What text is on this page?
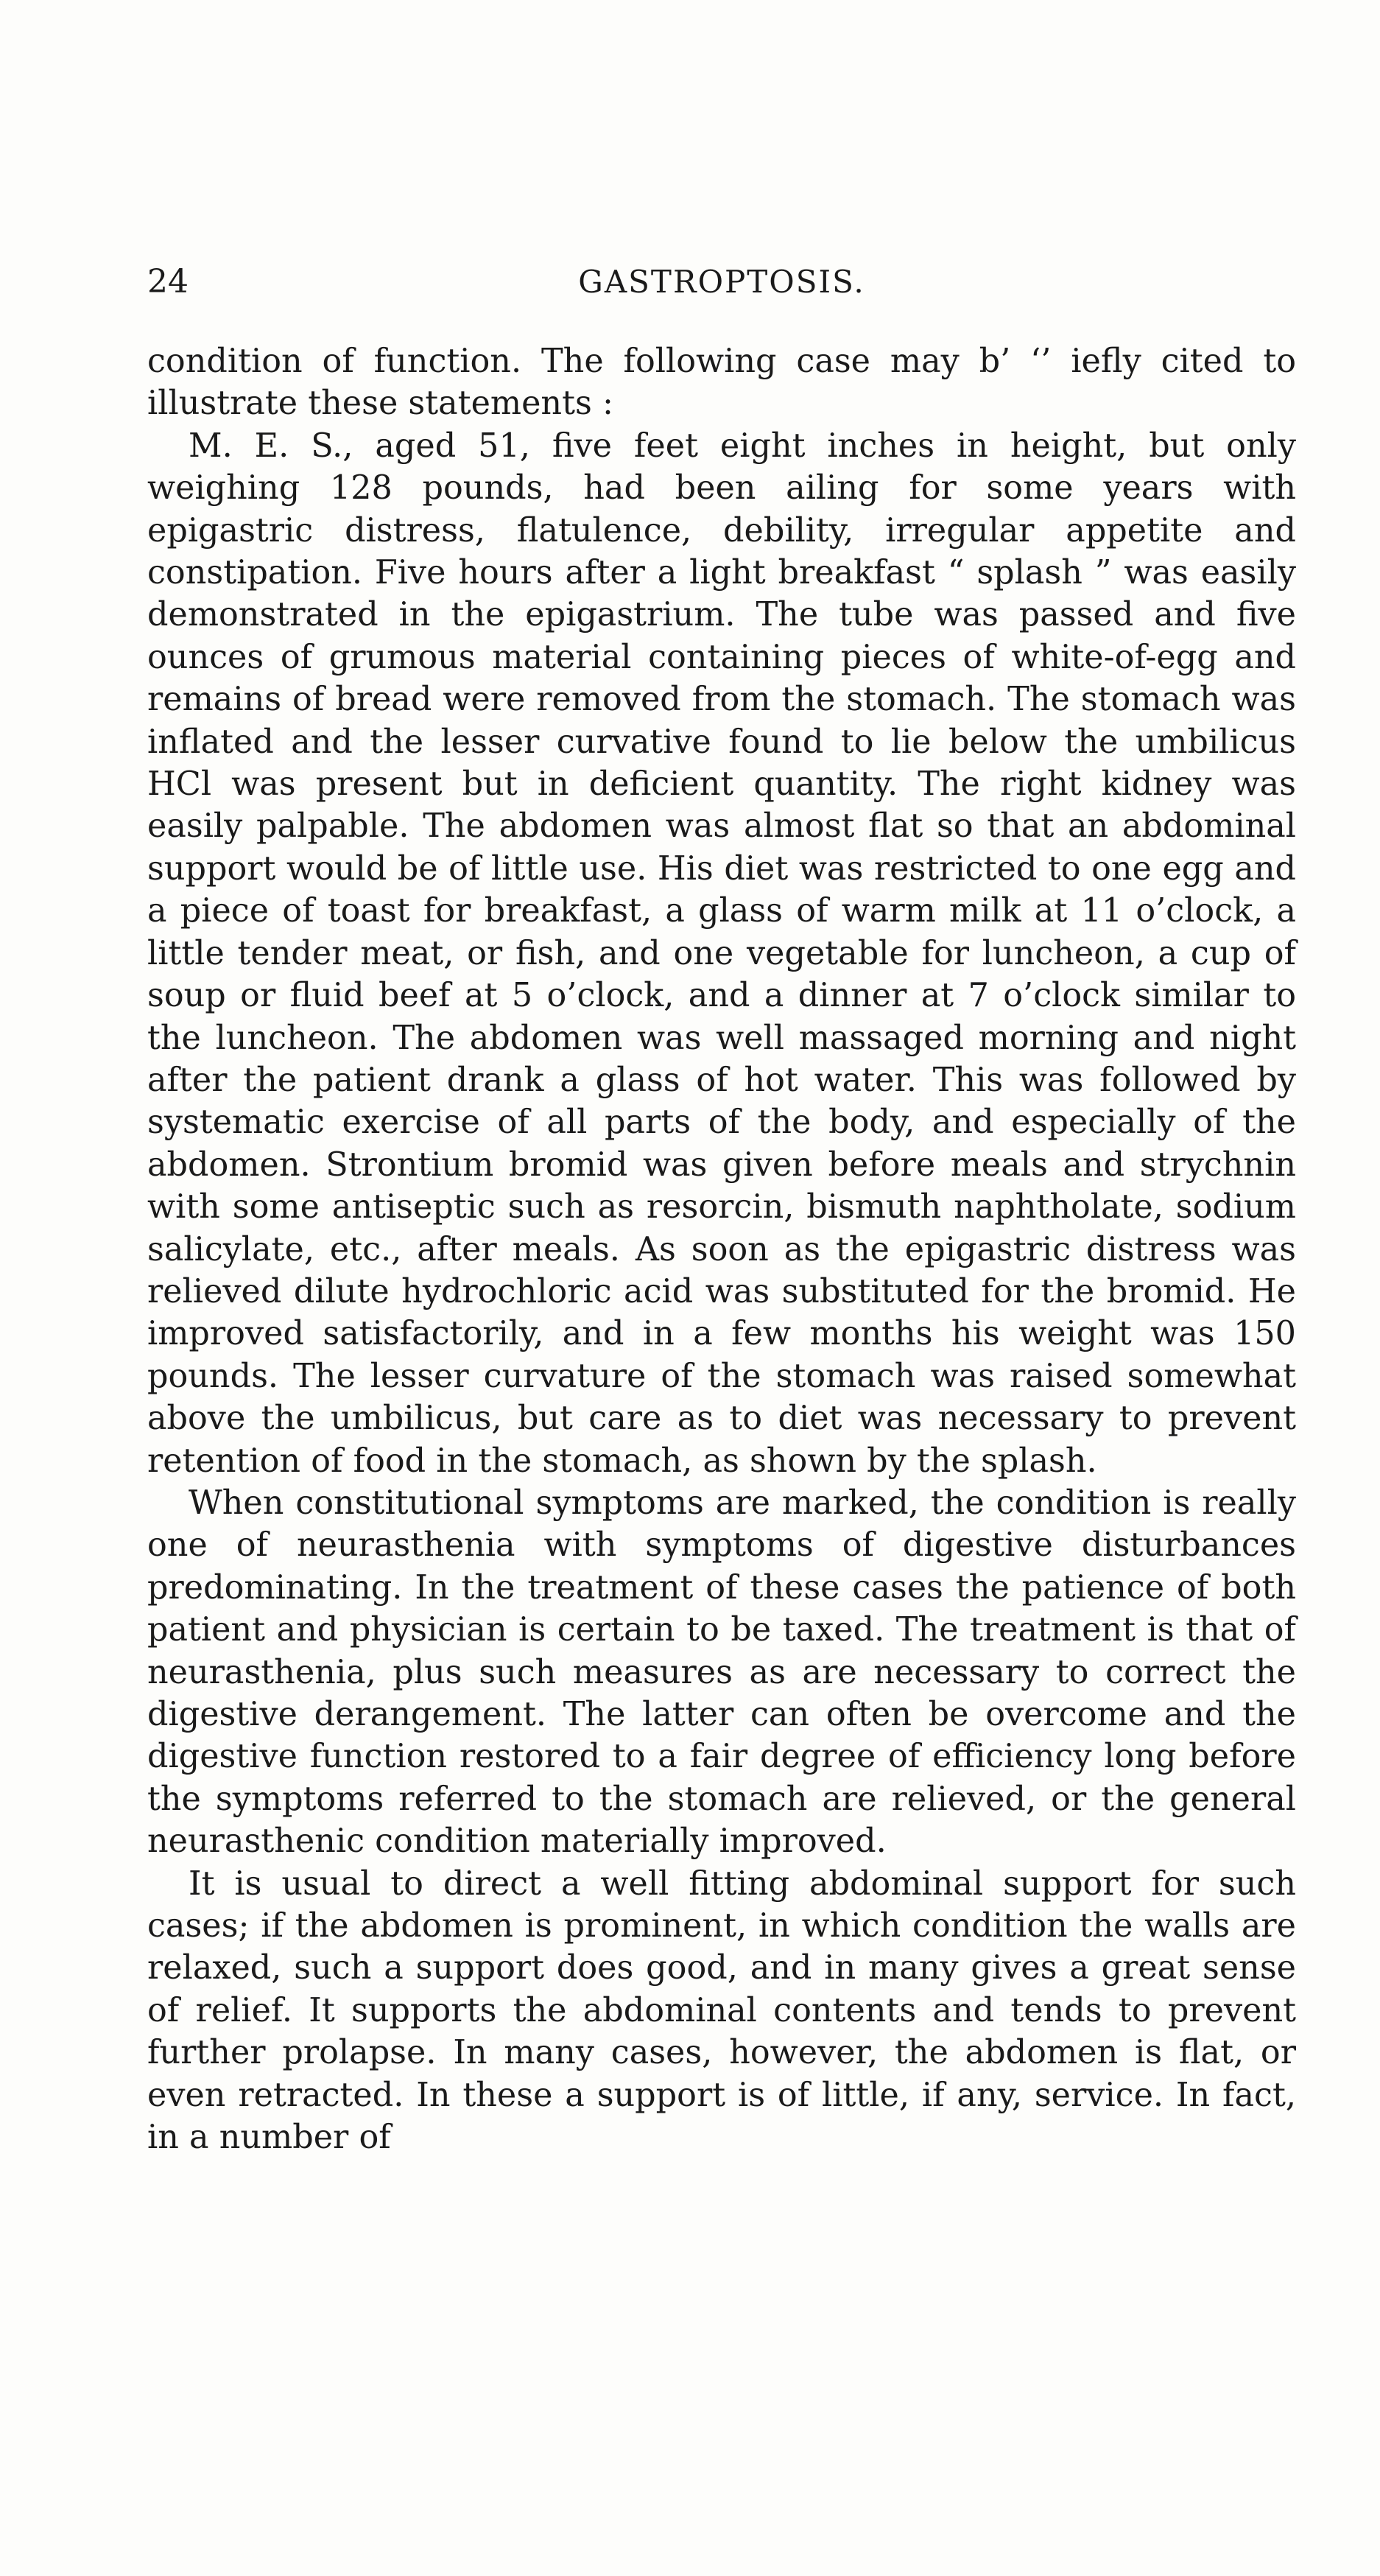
24	GASTROPTOSIS.

condition of function. The following case may b’ ‘’ iefly cited to illustrate these statements :

M. E. S., aged 51, five feet eight inches in height, but only weighing 128 pounds, had been ailing for some years with epigastric distress, flatulence, debility, irregular appetite and constipation. Five hours after a light breakfast “ splash ” was easily demonstrated in the epigastrium. The tube was passed and five ounces of grumous material containing pieces of white-of-egg and remains of bread were removed from the stomach. The stomach was inflated and the lesser curvative found to lie below the umbilicus HCl was present but in deficient quantity. The right kidney was easily palpable. The abdomen was almost flat so that an abdominal support would be of little use. His diet was restricted to one egg and a piece of toast for breakfast, a glass of warm milk at 11 o’clock, a little tender meat, or fish, and one vegetable for luncheon, a cup of soup or fluid beef at 5 o’clock, and a dinner at 7 o’clock similar to the luncheon. The abdomen was well massaged morning and night after the patient drank a glass of hot water. This was followed by systematic exercise of all parts of the body, and especially of the abdomen. Strontium bromid was given before meals and strychnin with some antiseptic such as resorcin, bismuth naphtholate, sodium salicylate, etc., after meals. As soon as the epigastric distress was relieved dilute hydrochloric acid was substituted for the bromid. He improved satisfactorily, and in a few months his weight was 150 pounds. The lesser curvature of the stomach was raised somewhat above the umbilicus, but care as to diet was necessary to prevent retention of food in the stomach, as shown by the splash.

When constitutional symptoms are marked, the condition is really one of neurasthenia with symptoms of digestive disturbances predominating. In the treatment of these cases the patience of both patient and physician is certain to be taxed. The treatment is that of neurasthenia, plus such measures as are necessary to correct the digestive derangement. The latter can often be overcome and the digestive function restored to a fair degree of efficiency long before the symptoms referred to the stomach are relieved, or the general neurasthenic condition materially improved.

It is usual to direct a well fitting abdominal support for such cases; if the abdomen is prominent, in which condition the walls are relaxed, such a support does good, and in many gives a great sense of relief. It supports the abdominal contents and tends to prevent further prolapse. In many cases, however, the abdomen is flat, or even retracted. In these a support is of little, if any, service. In fact, in a number of
